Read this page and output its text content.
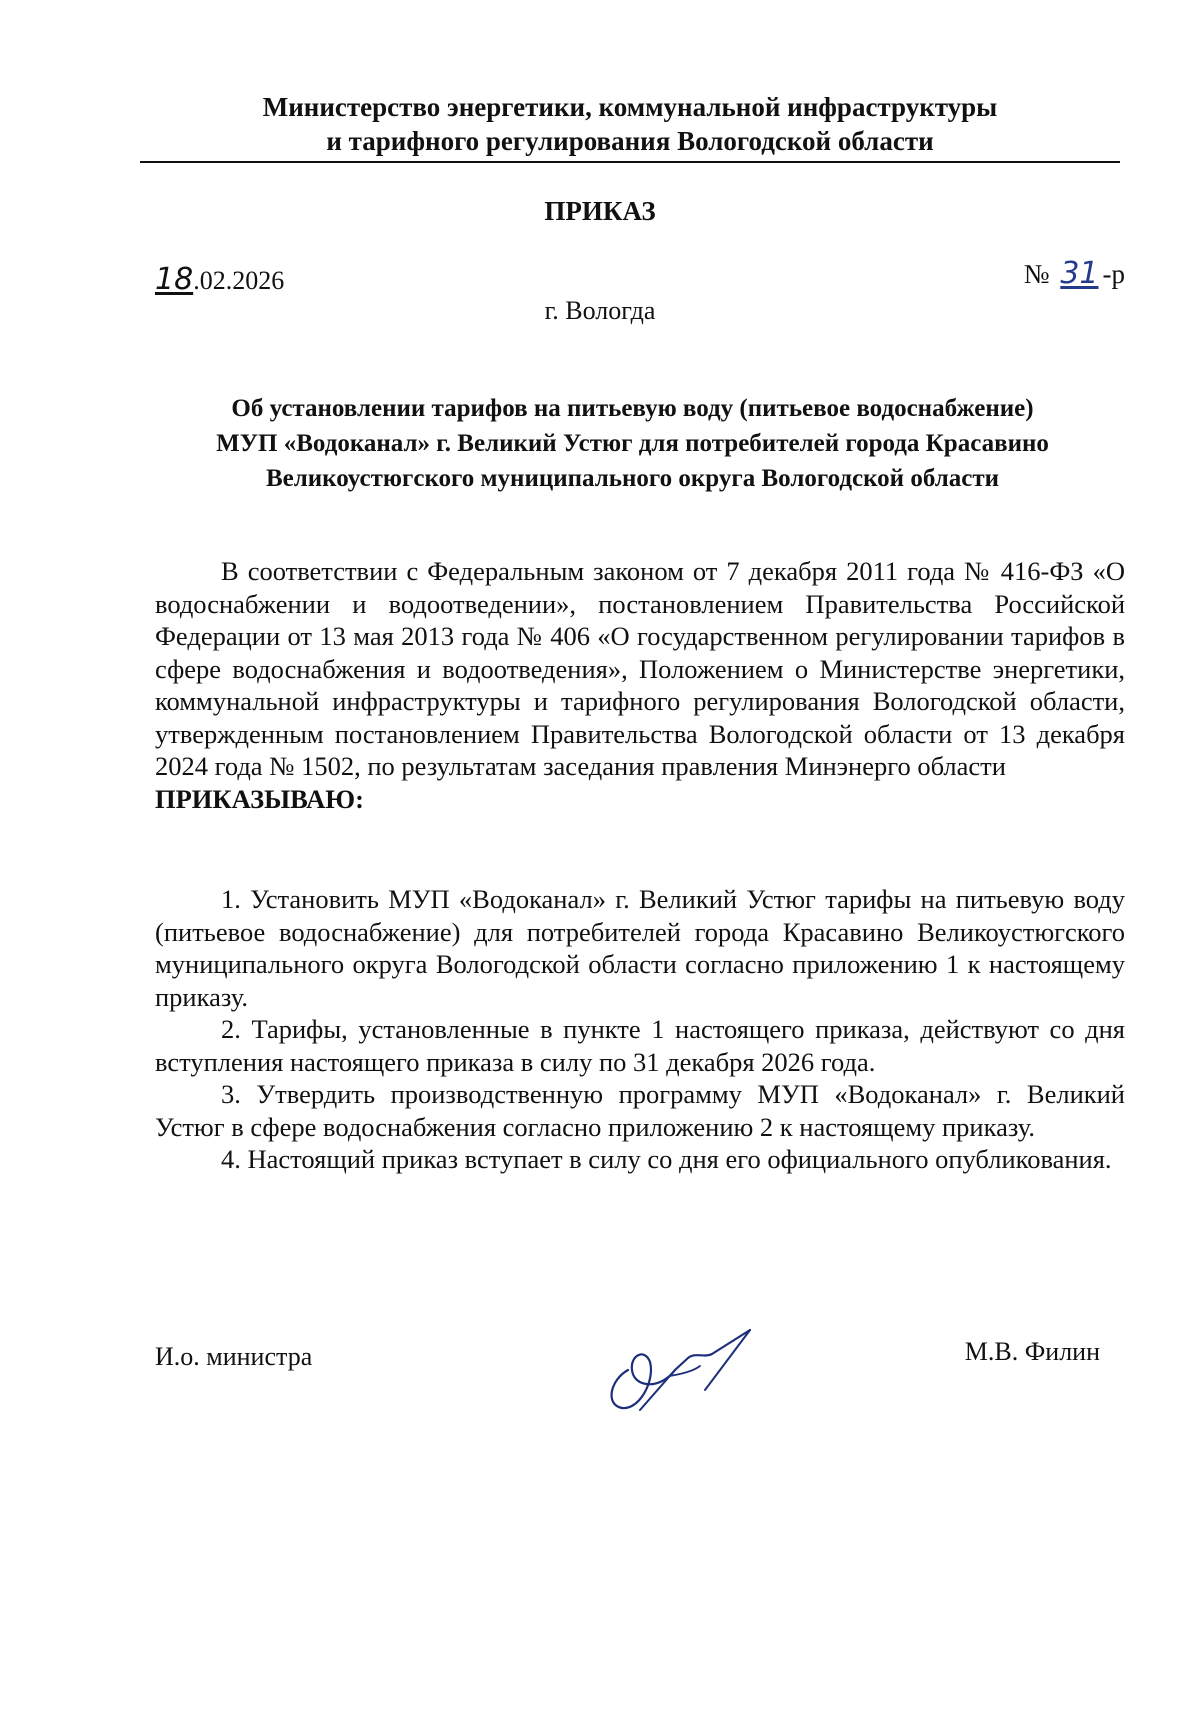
Министерство энергетики, коммунальной инфраструктуры
и тарифного регулирования Вологодской области
ПРИКАЗ
18.02.2026	№ 31 -р
г. Вологда
Об установлении тарифов на питьевую воду (питьевое водоснабжение)
МУП «Водоканал» г. Великий Устюг для потребителей города Красавино
Великоустюгского муниципального округа Вологодской области

В соответствии с Федеральным законом от 7 декабря 2011 года № 416-ФЗ «О водоснабжении и водоотведении», постановлением Правительства Российской Федерации от 13 мая 2013 года № 406 «О государственном регулировании тарифов в сфере водоснабжения и водоотведения», Положением о Министерстве энергетики, коммунальной инфраструктуры и тарифного регулирования Вологодской области, утвержденным постановлением Правительства Вологодской области от 13 декабря 2024 года № 1502, по результатам заседания правления Минэнерго области

ПРИКАЗЫВАЮ:

1. Установить МУП «Водоканал» г. Великий Устюг тарифы на питьевую воду (питьевое водоснабжение) для потребителей города Красавино Великоустюгского муниципального округа Вологодской области согласно приложению 1 к настоящему приказу.

2. Тарифы, установленные в пункте 1 настоящего приказа, действуют со дня вступления настоящего приказа в силу по 31 декабря 2026 года.

3. Утвердить производственную программу МУП «Водоканал» г. Великий Устюг в сфере водоснабжения согласно приложению 2 к настоящему приказу.

4. Настоящий приказ вступает в силу со дня его официального опубликования.

И.о. министра	М.В. Филин
